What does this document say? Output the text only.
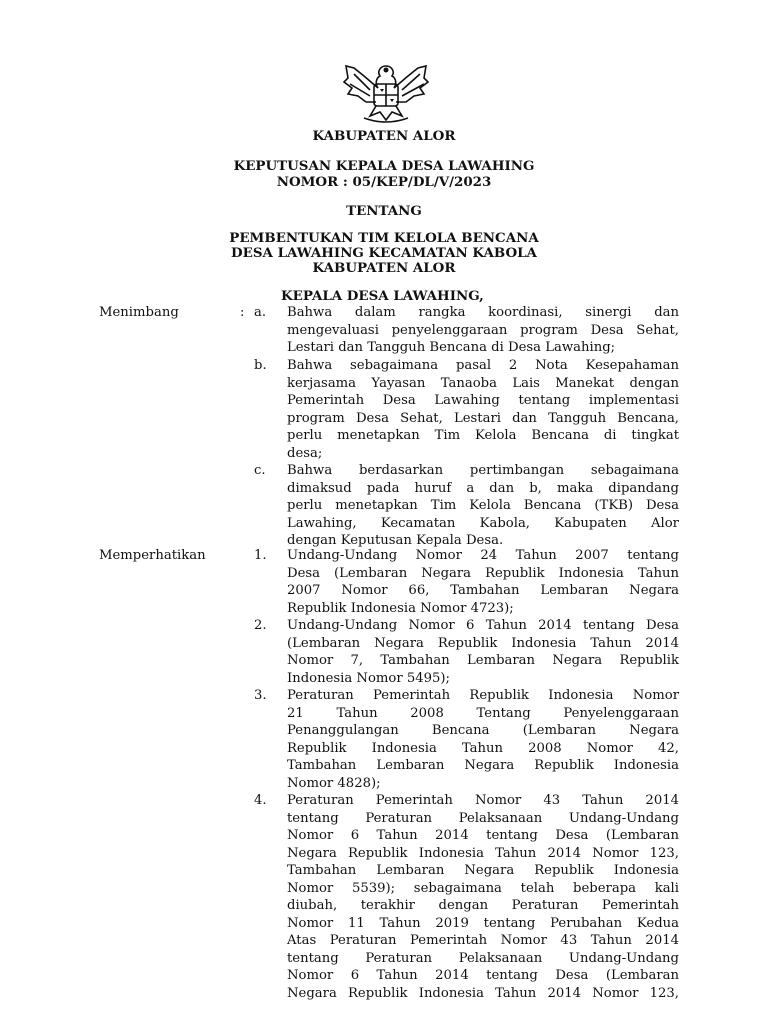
KABUPATEN ALOR
KEPUTUSAN KEPALA DESA LAWAHING
NOMOR : 05/KEP/DL/V/2023
TENTANG
PEMBENTUKAN TIM KELOLA BENCANA
DESA LAWAHING KECAMATAN KABOLA
KABUPATEN ALOR
KEPALA DESA LAWAHING,
Menimbang	: a. Bahwa dalam rangka koordinasi, sinergi dan
mengevaluasi penyelenggaraan program Desa Sehat,
Lestari dan Tangguh Bencana di Desa Lawahing;
b. Bahwa sebagaimana pasal 2 Nota Kesepahaman
kerjasama Yayasan Tanaoba Lais Manekat dengan
Pemerintah Desa Lawahing tentang implementasi
program Desa Sehat, Lestari dan Tangguh Bencana,
perlu menetapkan Tim Kelola Bencana di tingkat
desa;
c. Bahwa berdasarkan pertimbangan sebagaimana
dimaksud pada huruf a dan b, maka dipandang
perlu menetapkan Tim Kelola Bencana (TKB) Desa
Lawahing, Kecamatan Kabola, Kabupaten Alor
dengan Keputusan Kepala Desa.
Memperhatikan	1. Undang-Undang Nomor 24 Tahun 2007 tentang
Desa (Lembaran Negara Republik Indonesia Tahun
2007 Nomor 66, Tambahan Lembaran Negara
Republik Indonesia Nomor 4723);
2. Undang-Undang Nomor 6 Tahun 2014 tentang Desa
(Lembaran Negara Republik Indonesia Tahun 2014
Nomor 7, Tambahan Lembaran Negara Republik
Indonesia Nomor 5495);
3. Peraturan Pemerintah Republik Indonesia Nomor
21 Tahun 2008 Tentang Penyelenggaraan
Penanggulangan Bencana (Lembaran Negara
Republik Indonesia Tahun 2008 Nomor 42,
Tambahan Lembaran Negara Republik Indonesia
Nomor 4828);
4. Peraturan Pemerintah Nomor 43 Tahun 2014
tentang Peraturan Pelaksanaan Undang-Undang
Nomor 6 Tahun 2014 tentang Desa (Lembaran
Negara Republik Indonesia Tahun 2014 Nomor 123,
Tambahan Lembaran Negara Republik Indonesia
Nomor 5539); sebagaimana telah beberapa kali
diubah, terakhir dengan Peraturan Pemerintah
Nomor 11 Tahun 2019 tentang Perubahan Kedua
Atas Peraturan Pemerintah Nomor 43 Tahun 2014
tentang Peraturan Pelaksanaan Undang-Undang
Nomor 6 Tahun 2014 tentang Desa (Lembaran
Negara Republik Indonesia Tahun 2014 Nomor 123,
